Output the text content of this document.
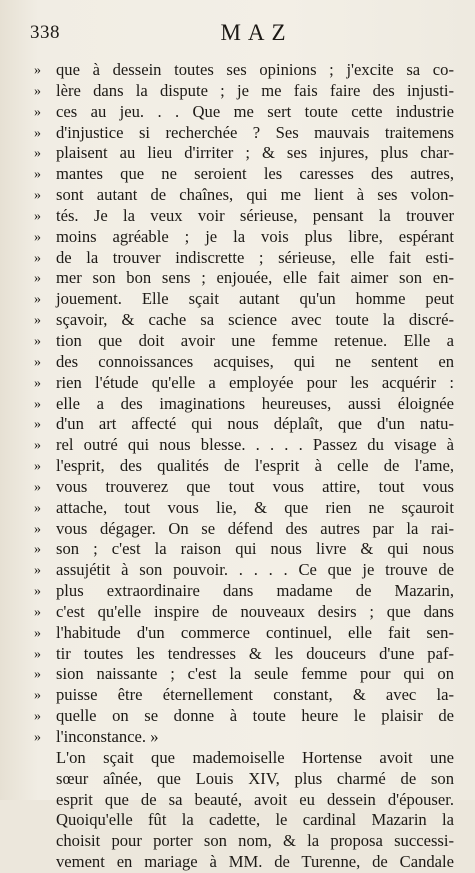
338	MAZ
» que à dessein toutes ses opinions ; j'excite sa co-
» lère dans la dispute ; je me fais faire des injusti-
» ces au jeu. . . Que me sert toute cette industrie
» d'injustice si recherchée ? Ses mauvais traitemens
» plaisent au lieu d'irriter ; & ses injures, plus char-
» mantes que ne seroient les caresses des autres,
» sont autant de chaînes, qui me lient à ses volon-
» tés. Je la veux voir sérieuse, pensant la trouver
» moins agréable ; je la vois plus libre, espérant
» de la trouver indiscrette ; sérieuse, elle fait esti-
» mer son bon sens ; enjouée, elle fait aimer son en-
» jouement. Elle sçait autant qu'un homme peut
» sçavoir, & cache sa science avec toute la discré-
» tion que doit avoir une femme retenue. Elle a
» des connoissances acquises, qui ne sentent en
» rien l'étude qu'elle a employée pour les acquérir :
» elle a des imaginations heureuses, aussi éloignée
» d'un art affecté qui nous déplaît, que d'un natu-
» rel outré qui nous blesse. . . . . Passez du visage à
» l'esprit, des qualités de l'esprit à celle de l'ame,
» vous trouverez que tout vous attire, tout vous
» attache, tout vous lie, & que rien ne sçauroit
» vous dégager. On se défend des autres par la rai-
» son ; c'est la raison qui nous livre & qui nous
» assujétit à son pouvoir. . . . . Ce que je trouve de
» plus extraordinaire dans madame de Mazarin,
» c'est qu'elle inspire de nouveaux desirs ; que dans
» l'habitude d'un commerce continuel, elle fait sen-
» tir toutes les tendresses & les douceurs d'une paf-
» sion naissante ; c'est la seule femme pour qui on
» puisse être éternellement constant, & avec la-
» quelle on se donne à toute heure le plaisir de
» l'inconstance. »
L'on sçait que mademoiselle Hortense avoit une
sœur aînée, que Louis XIV, plus charmé de son
esprit que de sa beauté, avoit eu dessein d'épouser.
Quoiqu'elle fût la cadette, le cardinal Mazarin la
choisit pour porter son nom, & la proposa successi-
vement en mariage à MM. de Turenne, de Candale
